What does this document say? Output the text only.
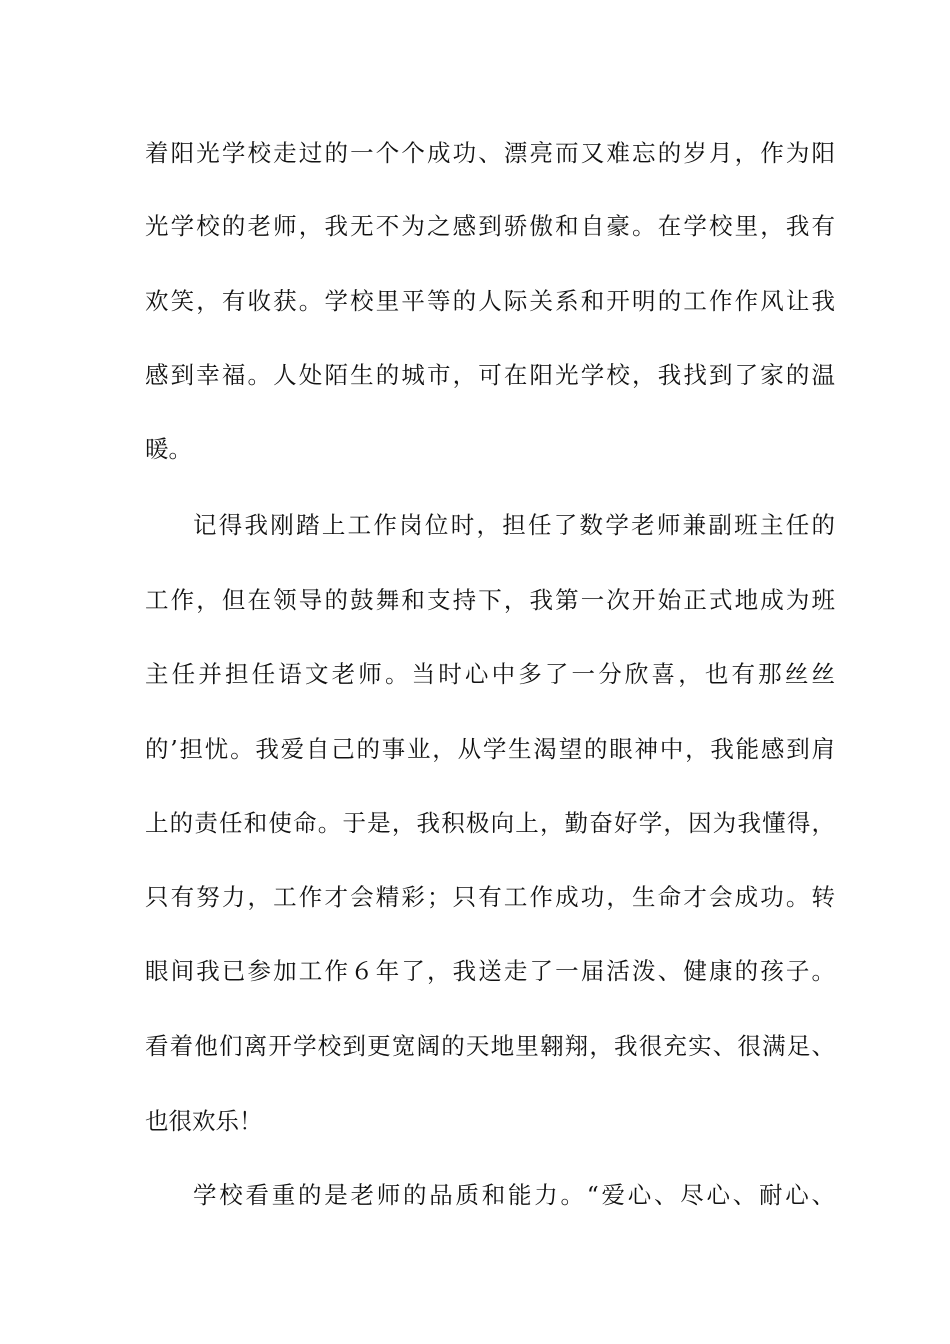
着阳光学校走过的一个个成功、漂亮而又难忘的岁月，作为阳
光学校的老师，我无不为之感到骄傲和自豪。在学校里，我有
欢笑，有收获。学校里平等的人际关系和开明的工作作风让我
感到幸福。人处陌生的城市，可在阳光学校，我找到了家的温
暖。
记得我刚踏上工作岗位时，担任了数学老师兼副班主任的
工作，但在领导的鼓舞和支持下，我第一次开始正式地成为班
主任并担任语文老师。当时心中多了一分欣喜，也有那丝丝
的’担忧。我爱自己的事业，从学生渴望的眼神中，我能感到肩
上的责任和使命。于是，我积极向上，勤奋好学，因为我懂得，
只有努力，工作才会精彩；只有工作成功，生命才会成功。转
眼间我已参加工作６年了，我送走了一届活泼、健康的孩子。
看着他们离开学校到更宽阔的天地里翱翔，我很充实、很满足、
也很欢乐！
学校看重的是老师的品质和能力。“爱心、尽心、耐心、
